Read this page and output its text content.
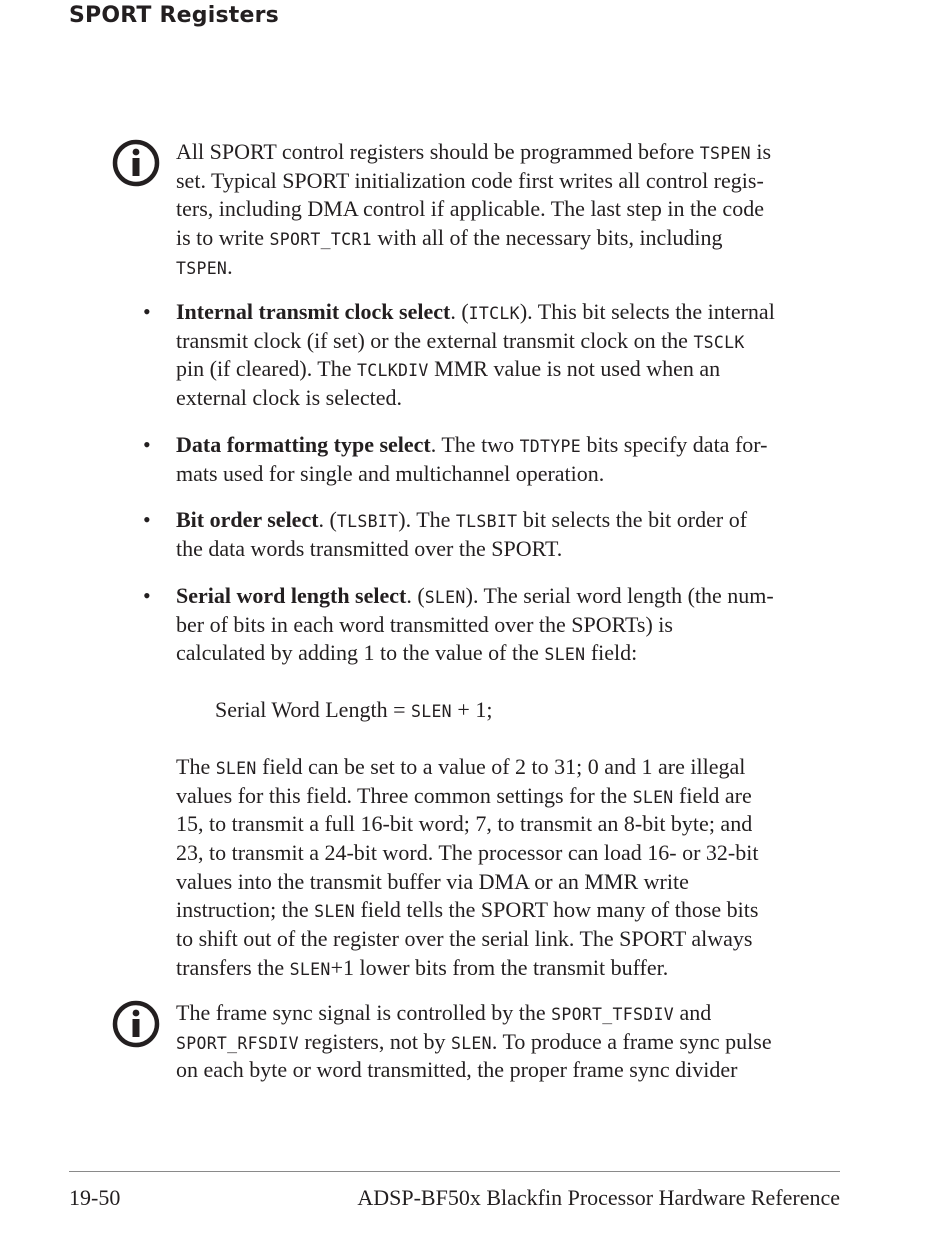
SPORT Registers
All SPORT control registers should be programmed before TSPEN is
set. Typical SPORT initialization code first writes all control regis-
ters, including DMA control if applicable. The last step in the code
is to write SPORT_TCR1 with all of the necessary bits, including
TSPEN.
• Internal transmit clock select. (ITCLK). This bit selects the internal
transmit clock (if set) or the external transmit clock on the TSCLK
pin (if cleared). The TCLKDIV MMR value is not used when an
external clock is selected.
• Data formatting type select. The two TDTYPE bits specify data for-
mats used for single and multichannel operation.
• Bit order select. (TLSBIT). The TLSBIT bit selects the bit order of
the data words transmitted over the SPORT.
• Serial word length select. (SLEN). The serial word length (the num-
ber of bits in each word transmitted over the SPORTs) is
calculated by adding 1 to the value of the SLEN field:
Serial Word Length = SLEN + 1;
The SLEN field can be set to a value of 2 to 31; 0 and 1 are illegal
values for this field. Three common settings for the SLEN field are
15, to transmit a full 16-bit word; 7, to transmit an 8-bit byte; and
23, to transmit a 24-bit word. The processor can load 16- or 32-bit
values into the transmit buffer via DMA or an MMR write
instruction; the SLEN field tells the SPORT how many of those bits
to shift out of the register over the serial link. The SPORT always
transfers the SLEN+1 lower bits from the transmit buffer.
The frame sync signal is controlled by the SPORT_TFSDIV and
SPORT_RFSDIV registers, not by SLEN. To produce a frame sync pulse
on each byte or word transmitted, the proper frame sync divider
19-50	ADSP-BF50x Blackfin Processor Hardware Reference
